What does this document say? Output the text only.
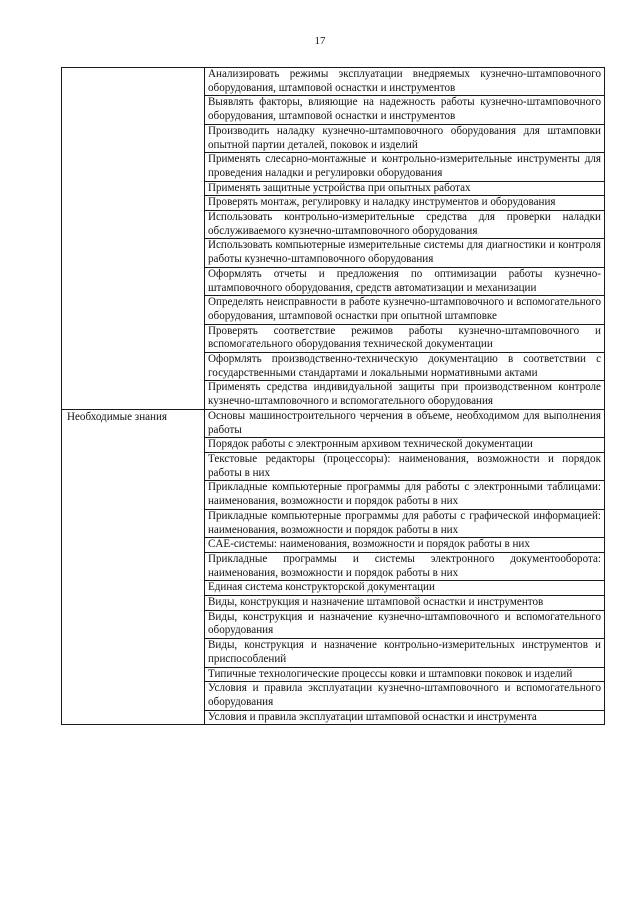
17
	Анализировать режимы эксплуатации внедряемых кузнечно-штамповочного оборудования, штамповой оснастки и инструментов
	Выявлять факторы, влияющие на надежность работы кузнечно-штамповочного оборудования, штамповой оснастки и инструментов
	Производить наладку кузнечно-штамповочного оборудования для штамповки опытной партии деталей, поковок и изделий
	Применять слесарно-монтажные и контрольно-измерительные инструменты для проведения наладки и регулировки оборудования
	Применять защитные устройства при опытных работах
	Проверять монтаж, регулировку и наладку инструментов и оборудования
	Использовать контрольно-измерительные средства для проверки наладки обслуживаемого кузнечно-штамповочного оборудования
	Использовать компьютерные измерительные системы для диагностики и контроля работы кузнечно-штамповочного оборудования
	Оформлять отчеты и предложения по оптимизации работы кузнечно-штамповочного оборудования, средств автоматизации и механизации
	Определять неисправности в работе кузнечно-штамповочного и вспомогательного оборудования, штамповой оснастки при опытной штамповке
	Проверять соответствие режимов работы кузнечно-штамповочного и вспомогательного оборудования технической документации
	Оформлять производственно-техническую документацию в соответствии с государственными стандартами и локальными нормативными актами
	Применять средства индивидуальной защиты при производственном контроле кузнечно-штамповочного и вспомогательного оборудования
Необходимые знания	Основы машиностроительного черчения в объеме, необходимом для выполнения работы
	Порядок работы с электронным архивом технической документации
	Текстовые редакторы (процессоры): наименования, возможности и порядок работы в них
	Прикладные компьютерные программы для работы с электронными таблицами: наименования, возможности и порядок работы в них
	Прикладные компьютерные программы для работы с графической информацией: наименования, возможности и порядок работы в них
	CAE-системы: наименования, возможности и порядок работы в них
	Прикладные программы и системы электронного документооборота: наименования, возможности и порядок работы в них
	Единая система конструкторской документации
	Виды, конструкция и назначение штамповой оснастки и инструментов
	Виды, конструкция и назначение кузнечно-штамповочного и вспомогательного оборудования
	Виды, конструкция и назначение контрольно-измерительных инструментов и приспособлений
	Типичные технологические процессы ковки и штамповки поковок и изделий
	Условия и правила эксплуатации кузнечно-штамповочного и вспомогательного оборудования
	Условия и правила эксплуатации штамповой оснастки и инструмента
